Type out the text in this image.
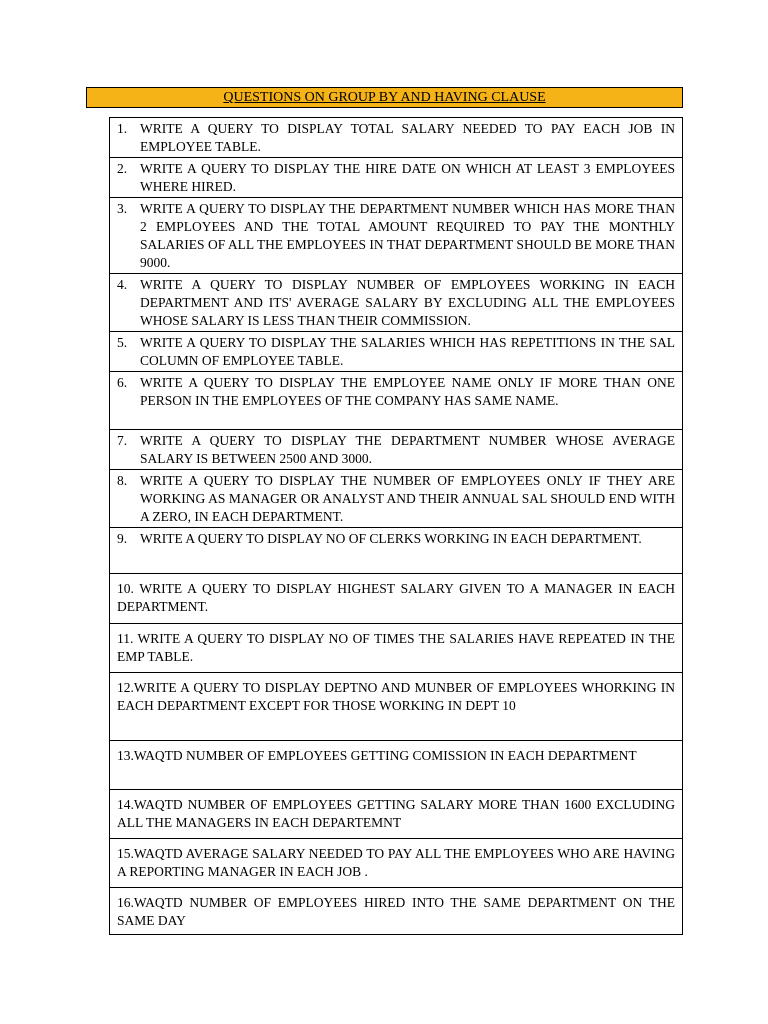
QUESTIONS ON GROUP BY AND HAVING CLAUSE
1. WRITE A QUERY TO DISPLAY TOTAL SALARY NEEDED TO PAY EACH JOB IN EMPLOYEE TABLE.

2. WRITE A QUERY TO DISPLAY THE HIRE DATE ON WHICH AT LEAST 3 EMPLOYEES WHERE HIRED.

3. WRITE A QUERY TO DISPLAY THE DEPARTMENT NUMBER WHICH HAS MORE THAN 2 EMPLOYEES AND THE TOTAL AMOUNT REQUIRED TO PAY THE MONTHLY SALARIES OF ALL THE EMPLOYEES IN THAT DEPARTMENT SHOULD BE MORE THAN 9000.

4. WRITE A QUERY TO DISPLAY NUMBER OF EMPLOYEES WORKING IN EACH DEPARTMENT AND ITS' AVERAGE SALARY BY EXCLUDING ALL THE EMPLOYEES WHOSE SALARY IS LESS THAN THEIR COMMISSION.

5. WRITE A QUERY TO DISPLAY THE SALARIES WHICH HAS REPETITIONS IN THE SAL COLUMN OF EMPLOYEE TABLE.

6. WRITE A QUERY TO DISPLAY THE EMPLOYEE NAME ONLY IF MORE THAN ONE PERSON IN THE EMPLOYEES OF THE COMPANY HAS SAME NAME.

7. WRITE A QUERY TO DISPLAY THE DEPARTMENT NUMBER WHOSE AVERAGE SALARY IS BETWEEN 2500 AND 3000.

8. WRITE A QUERY TO DISPLAY THE NUMBER OF EMPLOYEES ONLY IF THEY ARE WORKING AS MANAGER OR ANALYST AND THEIR ANNUAL SAL SHOULD END WITH A ZERO, IN EACH DEPARTMENT.

9. WRITE A QUERY TO DISPLAY NO OF CLERKS WORKING IN EACH DEPARTMENT.

10. WRITE A QUERY TO DISPLAY HIGHEST SALARY GIVEN TO A MANAGER IN EACH DEPARTMENT.

11. WRITE A QUERY TO DISPLAY NO OF TIMES THE SALARIES HAVE REPEATED IN THE EMP TABLE.

12.WRITE A QUERY TO DISPLAY DEPTNO AND MUNBER OF EMPLOYEES WHORKING IN EACH DEPARTMENT EXCEPT FOR THOSE WORKING IN DEPT 10

13.WAQTD NUMBER OF EMPLOYEES GETTING COMISSION IN EACH DEPARTMENT

14.WAQTD NUMBER OF EMPLOYEES GETTING SALARY MORE THAN 1600 EXCLUDING ALL THE MANAGERS IN EACH DEPARTEMNT

15.WAQTD AVERAGE SALARY NEEDED TO PAY ALL THE EMPLOYEES WHO ARE HAVING A REPORTING MANAGER IN EACH JOB .

16.WAQTD NUMBER OF EMPLOYEES HIRED INTO THE SAME DEPARTMENT ON THE SAME DAY
